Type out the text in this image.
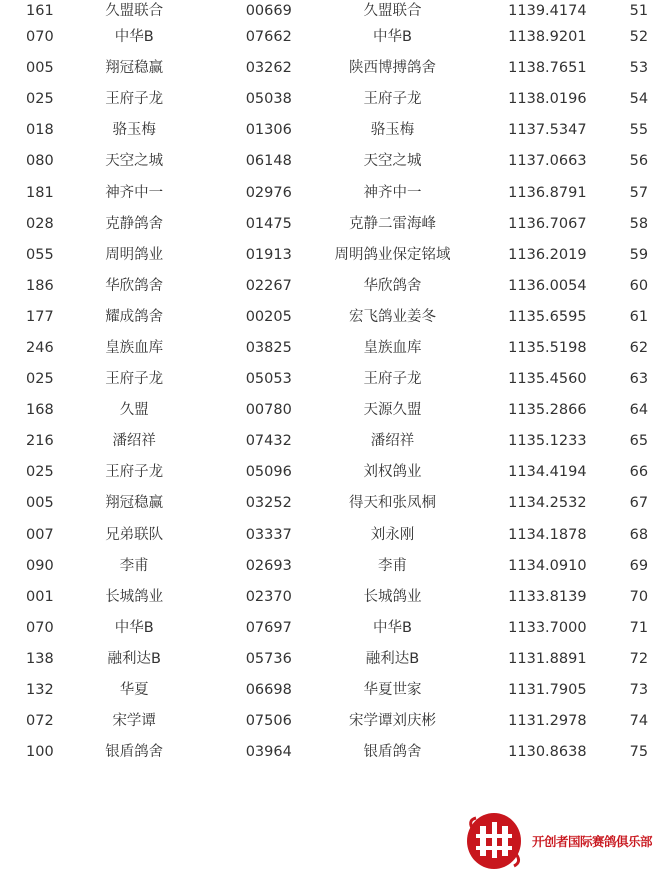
161	久盟联合	00669	久盟联合	1139.4174	51
070	中华B	07662	中华B	1138.9201	52
005	翔冠稳赢	03262	陕西博搏鸽舍	1138.7651	53
025	王府子龙	05038	王府子龙	1138.0196	54
018	骆玉梅	01306	骆玉梅	1137.5347	55
080	天空之城	06148	天空之城	1137.0663	56
181	神齐中一	02976	神齐中一	1136.8791	57
028	克静鸽舍	01475	克静二雷海峰	1136.7067	58
055	周明鸽业	01913	周明鸽业保定铭域	1136.2019	59
186	华欣鸽舍	02267	华欣鸽舍	1136.0054	60
177	耀成鸽舍	00205	宏飞鸽业姜冬	1135.6595	61
246	皇族血库	03825	皇族血库	1135.5198	62
025	王府子龙	05053	王府子龙	1135.4560	63
168	久盟	00780	天源久盟	1135.2866	64
216	潘绍祥	07432	潘绍祥	1135.1233	65
025	王府子龙	05096	刘权鸽业	1134.4194	66
005	翔冠稳赢	03252	得天和张凤桐	1134.2532	67
007	兄弟联队	03337	刘永刚	1134.1878	68
090	李甫	02693	李甫	1134.0910	69
001	长城鸽业	02370	长城鸽业	1133.8139	70
070	中华B	07697	中华B	1133.7000	71
138	融利达B	05736	融利达B	1131.8891	72
132	华夏	06698	华夏世家	1131.7905	73
072	宋学谭	07506	宋学谭刘庆彬	1131.2978	74
100	银盾鸽舍	03964	银盾鸽舍	1130.8638	75
开创者国际赛鸽俱乐部
